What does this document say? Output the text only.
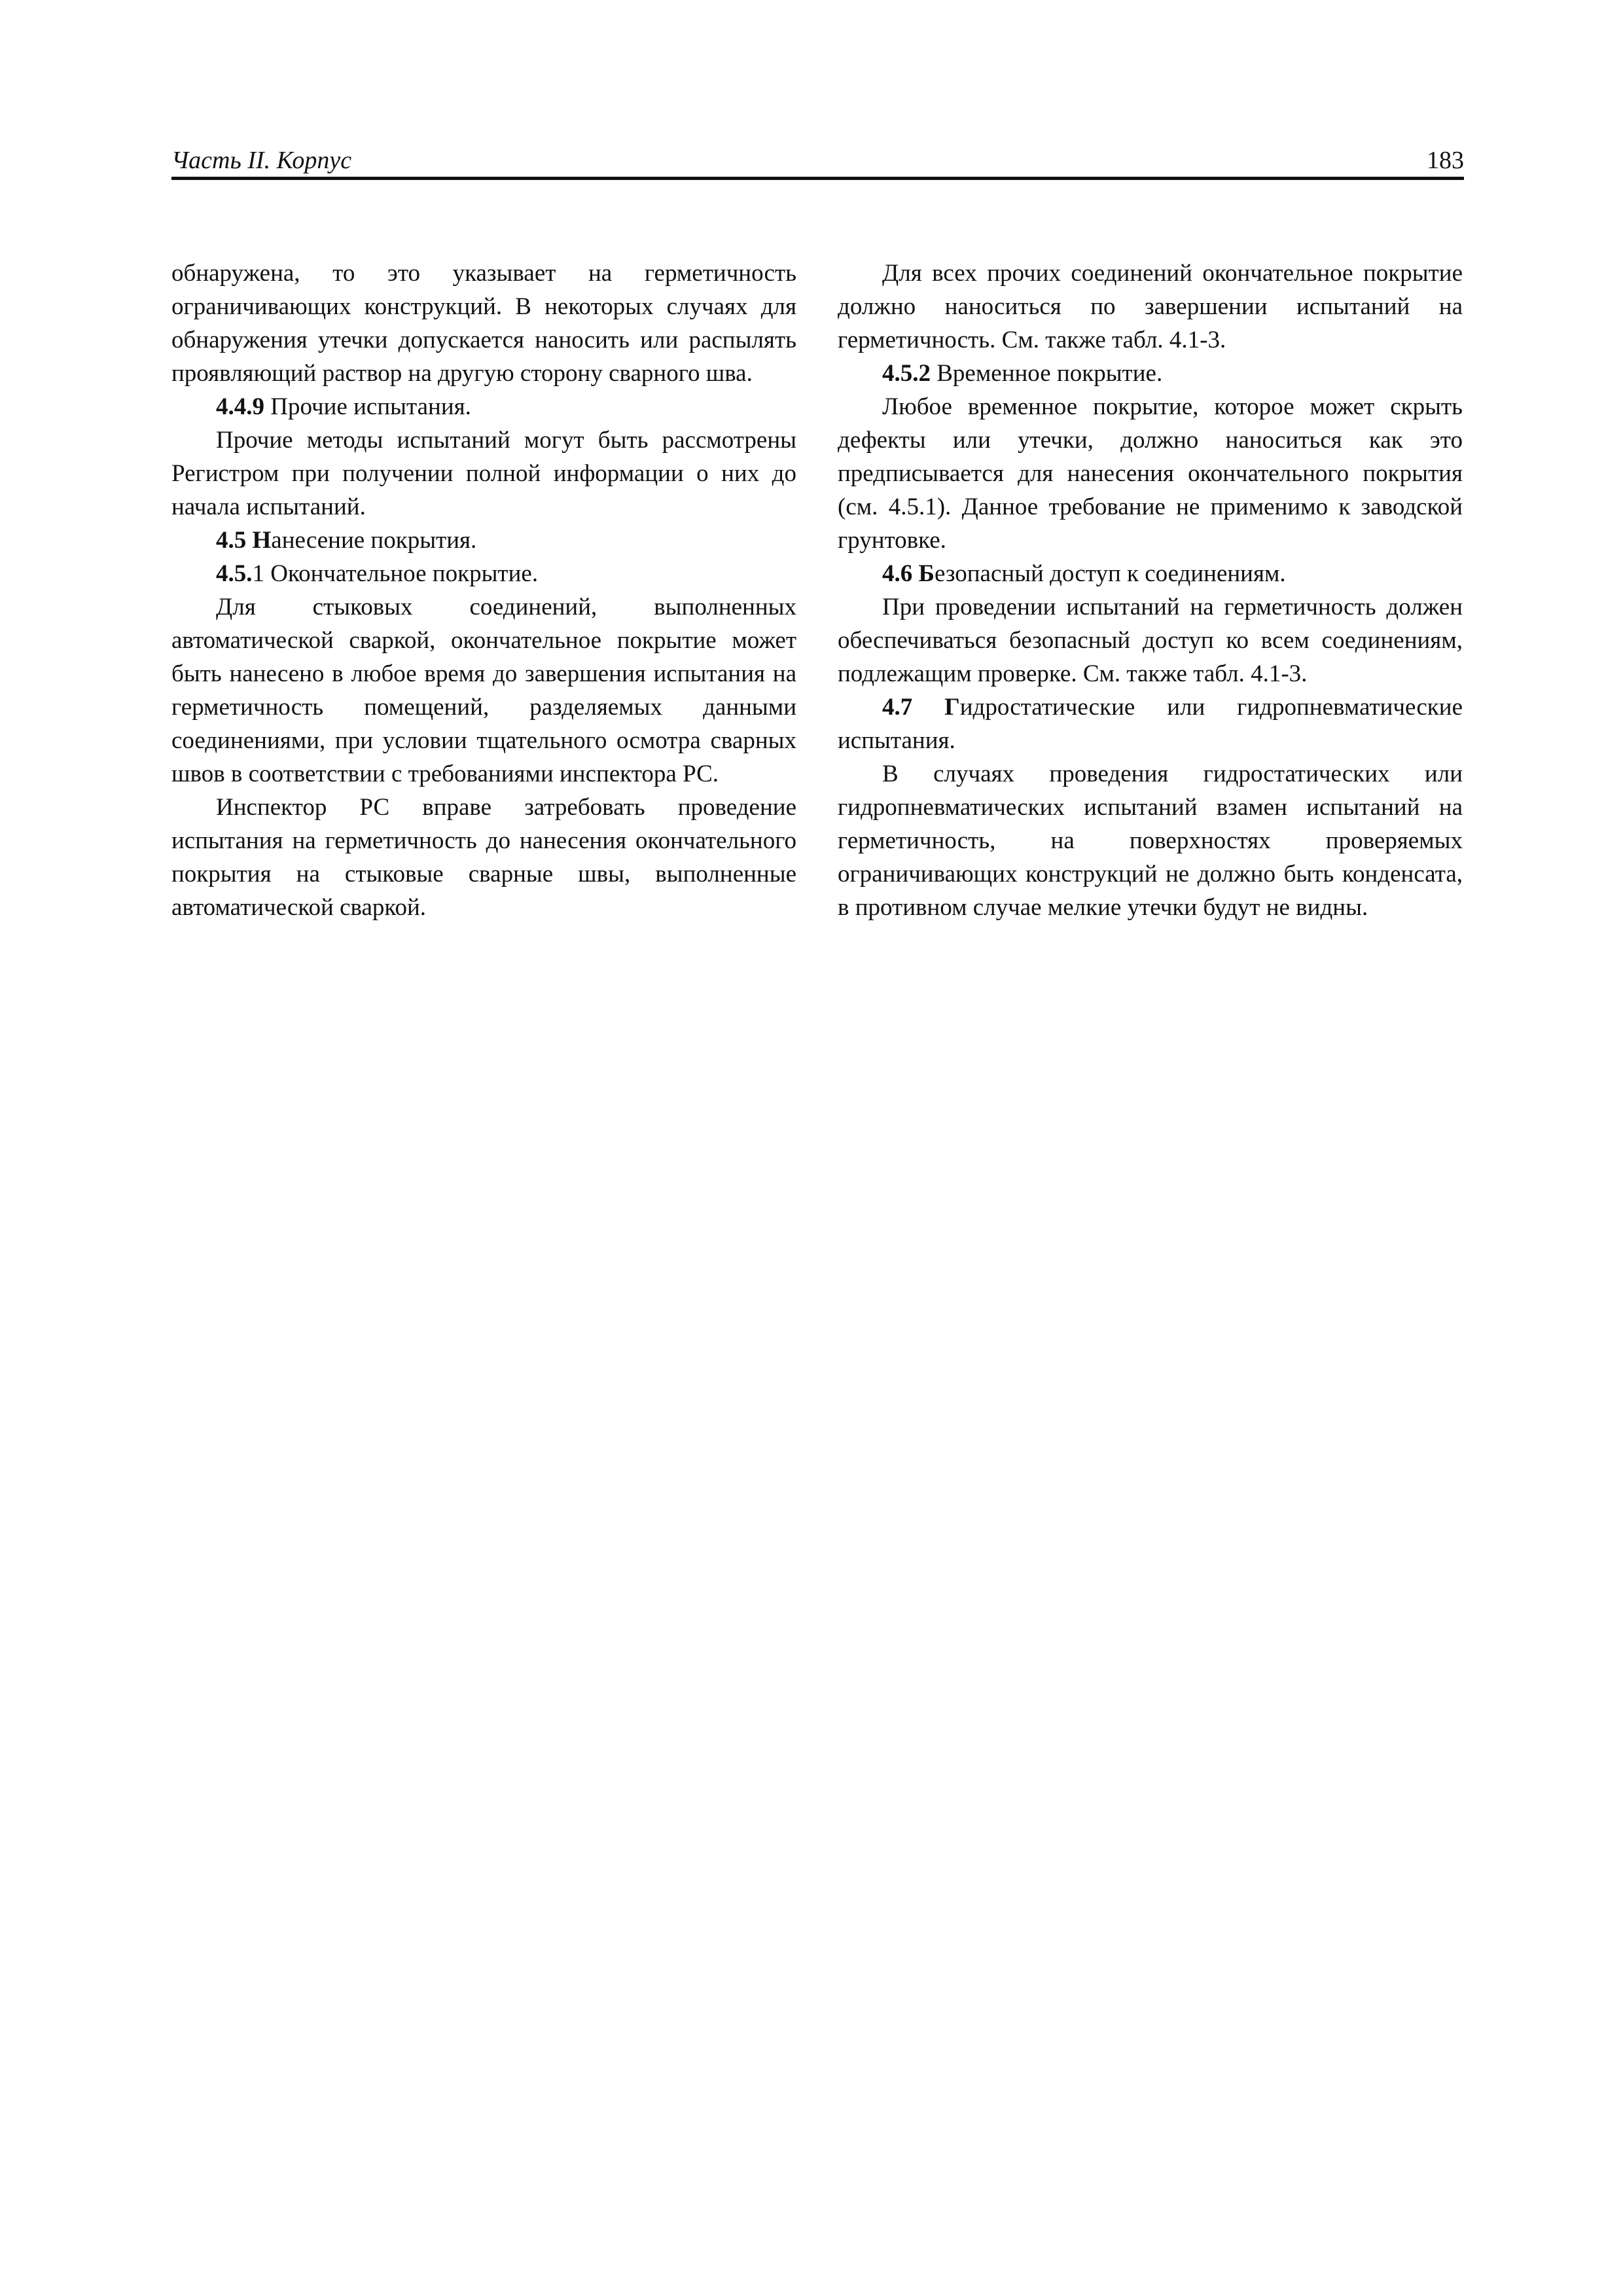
Часть II. Корпус	183

обнаружена, то это указывает на герметичность ограничивающих конструкций. В некоторых случаях для обнаружения утечки допускается наносить или распылять проявляющий раствор на другую сторону сварного шва.

4.4.9 Прочие испытания.

Прочие методы испытаний могут быть рассмотрены Регистром при получении полной информации о них до начала испытаний.

4.5 Нанесение покрытия.

4.5.1 Окончательное покрытие.

Для стыковых соединений, выполненных автоматической сваркой, окончательное покрытие может быть нанесено в любое время до завершения испытания на герметичность помещений, разделяемых данными соединениями, при условии тщательного осмотра сварных швов в соответствии с требованиями инспектора РС.

Инспектор РС вправе затребовать проведение испытания на герметичность до нанесения окончательного покрытия на стыковые сварные швы, выполненные автоматической сваркой.

Для всех прочих соединений окончательное покрытие должно наноситься по завершении испытаний на герметичность. См. также табл. 4.1-3.

4.5.2 Временное покрытие.

Любое временное покрытие, которое может скрыть дефекты или утечки, должно наноситься как это предписывается для нанесения окончательного покрытия (см. 4.5.1). Данное требование не применимо к заводской грунтовке.

4.6 Безопасный доступ к соединениям.

При проведении испытаний на герметичность должен обеспечиваться безопасный доступ ко всем соединениям, подлежащим проверке. См. также табл. 4.1-3.

4.7 Гидростатические или гидропневматические испытания.

В случаях проведения гидростатических или гидропневматических испытаний взамен испытаний на герметичность, на поверхностях проверяемых ограничивающих конструкций не должно быть конденсата, в противном случае мелкие утечки будут не видны.
